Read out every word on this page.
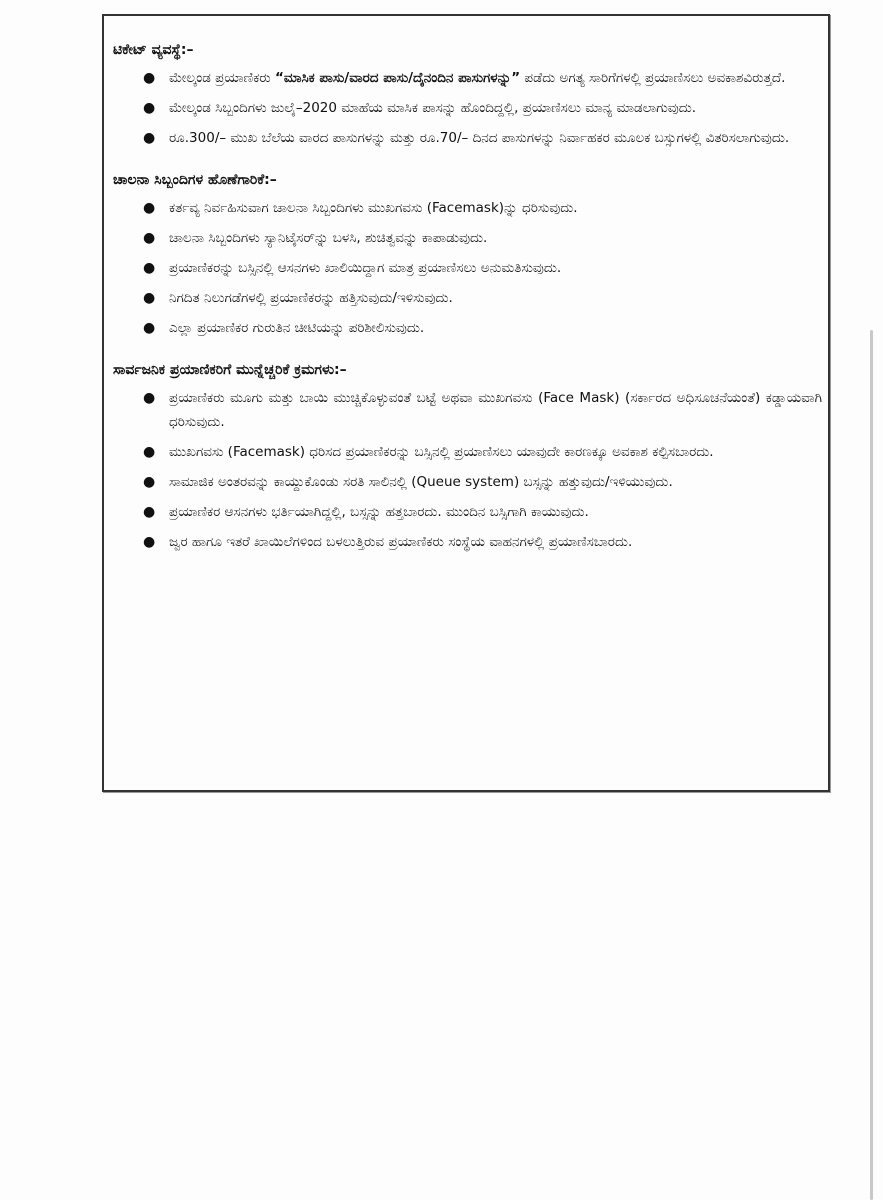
ಟಿಕೇಟ್ ವ್ಯವಸ್ಥೆ:–
● ಮೇಲ್ಕಂಡ ಪ್ರಯಾಣಿಕರು “ಮಾಸಿಕ ಪಾಸು/ವಾರದ ಪಾಸು/ದೈನಂದಿನ ಪಾಸುಗಳನ್ನು” ಪಡೆದು ಅಗತ್ಯ ಸಾರಿಗೆಗಳಲ್ಲಿ ಪ್ರಯಾಣಿಸಲು ಅವಕಾಶವಿರುತ್ತದೆ.
● ಮೇಲ್ಕಂಡ ಸಿಬ್ಬಂದಿಗಳು ಜುಲೈ–2020 ಮಾಹೆಯ ಮಾಸಿಕ ಪಾಸನ್ನು ಹೊಂದಿದ್ದಲ್ಲಿ, ಪ್ರಯಾಣಿಸಲು ಮಾನ್ಯ ಮಾಡಲಾಗುವುದು.
● ರೂ.300/– ಮುಖ ಬೆಲೆಯ ವಾರದ ಪಾಸುಗಳನ್ನು ಮತ್ತು ರೂ.70/– ದಿನದ ಪಾಸುಗಳನ್ನು ನಿರ್ವಾಹಕರ ಮೂಲಕ ಬಸ್ಸುಗಳಲ್ಲಿ ವಿತರಿಸಲಾಗುವುದು.
ಚಾಲನಾ ಸಿಬ್ಬಂದಿಗಳ ಹೊಣೆಗಾರಿಕೆ:–
● ಕರ್ತವ್ಯ ನಿರ್ವಹಿಸುವಾಗ ಚಾಲನಾ ಸಿಬ್ಬಂದಿಗಳು ಮುಖಗವಸು (Facemask)ನ್ನು ಧರಿಸುವುದು.
● ಚಾಲನಾ ಸಿಬ್ಬಂದಿಗಳು ಸ್ಯಾನಿಟೈಸರ್‌ನ್ನು ಬಳಸಿ, ಶುಚಿತ್ವವನ್ನು ಕಾಪಾಡುವುದು.
● ಪ್ರಯಾಣಿಕರನ್ನು ಬಸ್ಸಿನಲ್ಲಿ ಆಸನಗಳು ಖಾಲಿಯಿದ್ದಾಗ ಮಾತ್ರ ಪ್ರಯಾಣಿಸಲು ಅನುಮತಿಸುವುದು.
● ನಿಗದಿತ ನಿಲುಗಡೆಗಳಲ್ಲಿ ಪ್ರಯಾಣಿಕರನ್ನು ಹತ್ತಿಸುವುದು/ಇಳಿಸುವುದು.
● ಎಲ್ಲಾ ಪ್ರಯಾಣಿಕರ ಗುರುತಿನ ಚೀಟಿಯನ್ನು ಪರಿಶೀಲಿಸುವುದು.
ಸಾರ್ವಜನಿಕ ಪ್ರಯಾಣಿಕರಿಗೆ ಮುನ್ನೆಚ್ಚರಿಕೆ ಕ್ರಮಗಳು:–
● ಪ್ರಯಾಣಿಕರು ಮೂಗು ಮತ್ತು ಬಾಯಿ ಮುಚ್ಚಿಕೊಳ್ಳುವಂತೆ ಬಟ್ಟೆ ಅಥವಾ ಮುಖಗವಸು (Face Mask) (ಸರ್ಕಾರದ ಅಧಿಸೂಚನೆಯಂತೆ) ಕಡ್ಡಾಯವಾಗಿ ಧರಿಸುವುದು.
● ಮುಖಗವಸು (Facemask) ಧರಿಸದ ಪ್ರಯಾಣಿಕರನ್ನು ಬಸ್ಸಿನಲ್ಲಿ ಪ್ರಯಾಣಿಸಲು ಯಾವುದೇ ಕಾರಣಕ್ಕೂ ಅವಕಾಶ ಕಲ್ಪಿಸಬಾರದು.
● ಸಾಮಾಜಿಕ ಅಂತರವನ್ನು ಕಾಯ್ದುಕೊಂಡು ಸರತಿ ಸಾಲಿನಲ್ಲಿ (Queue system) ಬಸ್ಸನ್ನು ಹತ್ತುವುದು/ಇಳಿಯುವುದು.
● ಪ್ರಯಾಣಿಕರ ಆಸನಗಳು ಭರ್ತಿಯಾಗಿದ್ದಲ್ಲಿ, ಬಸ್ಸನ್ನು ಹತ್ತಬಾರದು. ಮುಂದಿನ ಬಸ್ಸಿಗಾಗಿ ಕಾಯುವುದು.
● ಜ್ವರ ಹಾಗೂ ಇತರೆ ಖಾಯಿಲೆಗಳಿಂದ ಬಳಲುತ್ತಿರುವ ಪ್ರಯಾಣಿಕರು ಸಂಸ್ಥೆಯ ವಾಹನಗಳಲ್ಲಿ ಪ್ರಯಾಣಿಸಬಾರದು.
